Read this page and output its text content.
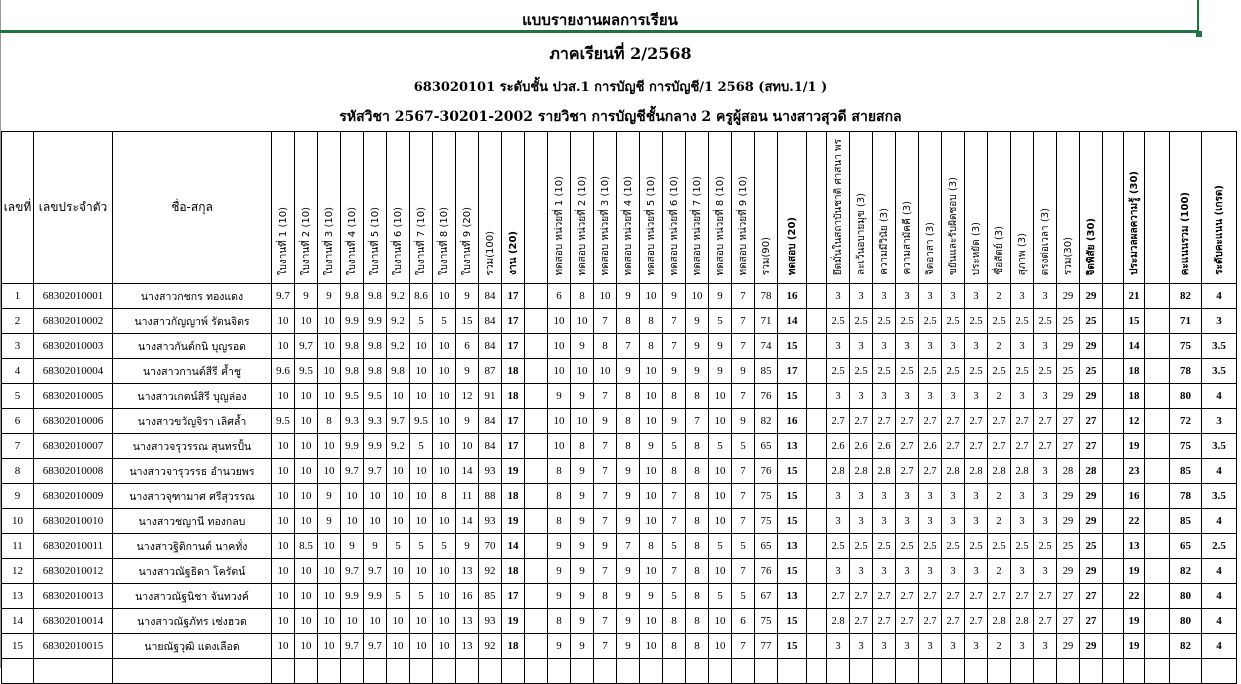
แบบรายงานผลการเรียน
ภาคเรียนที่ 2/2568
683020101 ระดับชั้น ปวส.1 การบัญชี การบัญชี/1 2568 (สทบ.1/1 )
รหัสวิชา 2567-30201-2002 รายวิชา การบัญชีชั้นกลาง 2 ครูผู้สอน นางสาวสุวดี สายสกล
เลขที่	เลขประจำตัว	ชื่อ-สกุล	ใบงานที่ 1 (10)	ใบงานที่ 2 (10)	ใบงานที่ 3 (10)	ใบงานที่ 4 (10)	ใบงานที่ 5 (10)	ใบงานที่ 6 (10)	ใบงานที่ 7 (10)	ใบงานที่ 8 (10)	ใบงานที่ 9 (20)	รวม(100)	งาน (20)		ทดสอบ หน่วยที่ 1 (10)	ทดสอบ หน่วยที่ 2 (10)	ทดสอบ หน่วยที่ 3 (10)	ทดสอบ หน่วยที่ 4 (10)	ทดสอบ หน่วยที่ 5 (10)	ทดสอบ หน่วยที่ 6 (10)	ทดสอบ หน่วยที่ 7 (10)	ทดสอบ หน่วยที่ 8 (10)	ทดสอบ หน่วยที่ 9 (10)	รวม(90)	ทดสอบ (20)		ยึดมั่นในสถาบันชาติ ศาสนา พร	ละเว้นอบายมุข (3)	ความมีวินัย (3)	ความสามัคคี (3)	จิตอาสา (3)	ขยันและรับผิดชอบ (3)	ประหยัด (3)	ซื่อสัตย์ (3)	สุภาพ (3)	ตรงต่อเวลา (3)	รวม(30)	จิตพิสัย (30)		ประมวลผลความรู้ (30)		คะแนนรวม (100)	ระดับคะแนน (เกรด)
1	68302010001	นางสาวกชกร ทองแดง	9.7	9	9	9.8	9.8	9.2	8.6	10	9	84	17		6	8	10	9	10	9	10	9	7	78	16		3	3	3	3	3	3	3	2	3	3	29	29		21		82	4
2	68302010002	นางสาวกัญญาพ์ รัตนจิตร	10	10	10	9.9	9.9	9.2	5	5	15	84	17		10	10	7	8	8	7	9	5	7	71	14		2.5	2.5	2.5	2.5	2.5	2.5	2.5	2.5	2.5	2.5	25	25		15		71	3
3	68302010003	นางสาวกันต์กนิ บุญรอด	10	9.7	10	9.8	9.8	9.2	10	10	6	84	17		10	9	8	7	8	7	9	9	7	74	15		3	3	3	3	3	3	3	2	3	3	29	29		14		75	3.5
4	68302010004	นางสาวกานต์สีรี ค้ำชู	9.6	9.5	10	9.8	9.8	9.8	10	10	9	87	18		10	10	10	9	10	9	9	9	9	85	17		2.5	2.5	2.5	2.5	2.5	2.5	2.5	2.5	2.5	2.5	25	25		18		78	3.5
5	68302010005	นางสาวเกตน์สิรี บุญล่อง	10	10	10	9.5	9.5	10	10	10	12	91	18		9	9	7	8	10	8	8	10	7	76	15		3	3	3	3	3	3	3	2	3	3	29	29		18		80	4
6	68302010006	นางสาวขวัญจิรา เลิศล้ำ	9.5	10	8	9.3	9.3	9.7	9.5	10	9	84	17		10	10	9	8	10	9	7	10	9	82	16		2.7	2.7	2.7	2.7	2.7	2.7	2.7	2.7	2.7	2.7	27	27		12		72	3
7	68302010007	นางสาวจรุวรรณ สุนทรปั้น	10	10	10	9.9	9.9	9.2	5	10	10	84	17		10	8	7	8	9	5	8	5	5	65	13		2.6	2.6	2.6	2.7	2.6	2.7	2.7	2.7	2.7	2.7	27	27		19		75	3.5
8	68302010008	นางสาวจารุวรรธ อำนวยพร	10	10	10	9.7	9.7	10	10	10	14	93	19		8	9	7	9	10	8	8	10	7	76	15		2.8	2.8	2.8	2.7	2.7	2.8	2.8	2.8	2.8	3	28	28		23		85	4
9	68302010009	นางสาวจุฑามาศ ศรีสุวรรณ	10	10	9	10	10	10	10	8	11	88	18		8	9	7	9	10	7	8	10	7	75	15		3	3	3	3	3	3	3	2	3	3	29	29		16		78	3.5
10	68302010010	นางสาวชญานี ทองกลบ	10	10	9	10	10	10	10	10	14	93	19		8	9	7	9	10	7	8	10	7	75	15		3	3	3	3	3	3	3	2	3	3	29	29		22		85	4
11	68302010011	นางสาวฐิติกานต์ นาคทั่ง	10	8.5	10	9	9	5	5	5	9	70	14		9	9	9	7	8	5	8	5	5	65	13		2.5	2.5	2.5	2.5	2.5	2.5	2.5	2.5	2.5	2.5	25	25		13		65	2.5
12	68302010012	นางสาวณัฐธิดา โครัตน์	10	10	10	9.7	9.7	10	10	10	13	92	18		9	9	7	9	10	7	8	10	7	76	15		3	3	3	3	3	3	3	2	3	3	29	29		19		82	4
13	68302010013	นางสาวณัฐนิชา จันทวงค์	10	10	10	9.9	9.9	5	5	10	16	85	17		9	9	8	9	9	5	8	5	5	67	13		2.7	2.7	2.7	2.7	2.7	2.7	2.7	2.7	2.7	2.7	27	27		22		80	4
14	68302010014	นางสาวณัฐภัทร เซ่งฮวด	10	10	10	10	10	10	10	10	13	93	19		8	9	7	9	10	8	8	10	6	75	15		2.8	2.7	2.7	2.7	2.7	2.7	2.7	2.8	2.8	2.7	27	27		19		80	4
15	68302010015	นายณัฐวุฒิ แดงเลือด	10	10	10	9.7	9.7	10	10	10	13	92	18		9	9	7	9	10	8	8	10	7	77	15		3	3	3	3	3	3	3	2	3	3	29	29		19		82	4
